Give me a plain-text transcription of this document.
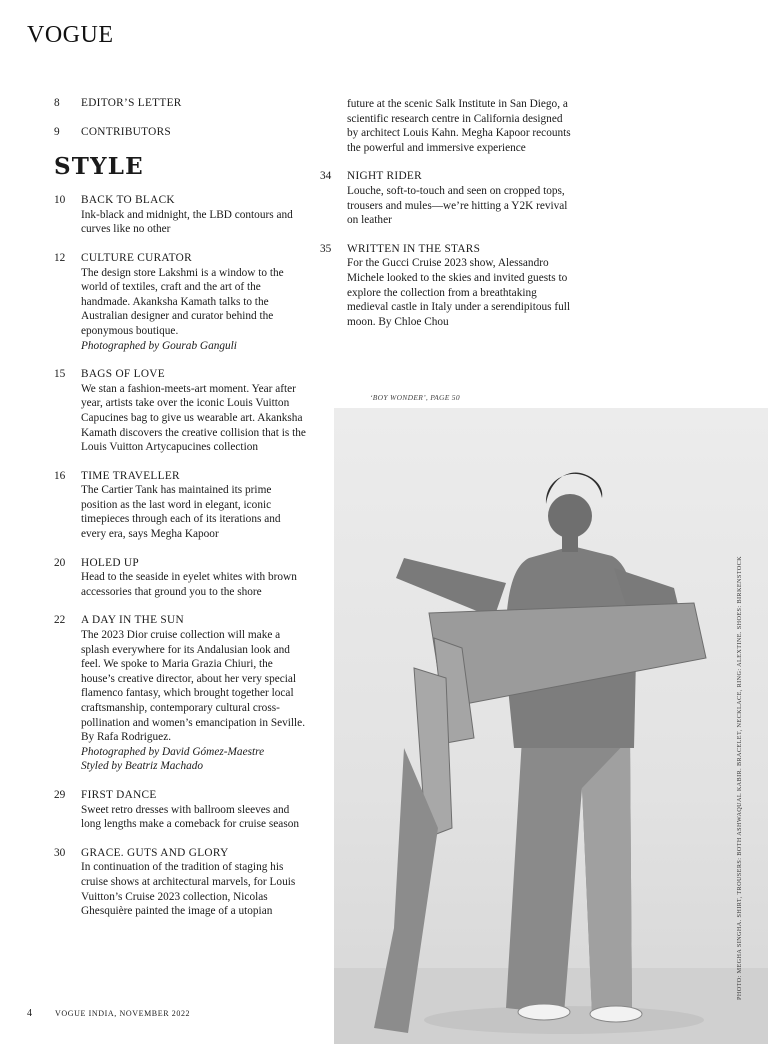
VOGUE
8	EDITOR’S LETTER
9	CONTRIBUTORS
STYLE
10	BACK TO BLACK
Ink-black and midnight, the LBD contours and curves like no other
12	CULTURE CURATOR
The design store Lakshmi is a window to the world of textiles, craft and the art of the handmade. Akanksha Kamath talks to the Australian designer and curator behind the eponymous boutique.
Photographed by Gourab Ganguli
15	BAGS OF LOVE
We stan a fashion-meets-art moment. Year after year, artists take over the iconic Louis Vuitton Capucines bag to give us wearable art. Akanksha Kamath discovers the creative collision that is the Louis Vuitton Artycapucines collection
16	TIME TRAVELLER
The Cartier Tank has maintained its prime position as the last word in elegant, iconic timepieces through each of its iterations and every era, says Megha Kapoor
20	HOLED UP
Head to the seaside in eyelet whites with brown accessories that ground you to the shore
22	A DAY IN THE SUN
The 2023 Dior cruise collection will make a splash everywhere for its Andalusian look and feel. We spoke to Maria Grazia Chiuri, the house’s creative director, about her very special flamenco fantasy, which brought together local craftsmanship, contemporary cultural cross-pollination and women’s emancipation in Seville. By Rafa Rodriguez.
Photographed by David Gómez-Maestre
Styled by Beatriz Machado
29	FIRST DANCE
Sweet retro dresses with ballroom sleeves and long lengths make a comeback for cruise season
30	GRACE. GUTS AND GLORY
In continuation of the tradition of staging his cruise shows at architectural marvels, for Louis Vuitton’s Cruise 2023 collection, Nicolas Ghesquière painted the image of a utopian
future at the scenic Salk Institute in San Diego, a scientific research centre in California designed by architect Louis Kahn. Megha Kapoor recounts the powerful and immersive experience
34	NIGHT RIDER
Louche, soft-to-touch and seen on cropped tops, trousers and mules—we’re hitting a Y2K revival on leather
35	WRITTEN IN THE STARS
For the Gucci Cruise 2023 show, Alessandro Michele looked to the skies and invited guests to explore the collection from a breathtaking medieval castle in Italy under a serendipitous full moon. By Chloe Chou
‘BOY WONDER’, PAGE 50
PHOTO: MEGHA SINGHA. SHIRT, TROUSERS: BOTH ASHWAQUAL KABIR. BRACELET, NECKLACE, RING: ALEXTINE. SHOES: BIRKENSTOCK
4	VOGUE INDIA, NOVEMBER 2022
